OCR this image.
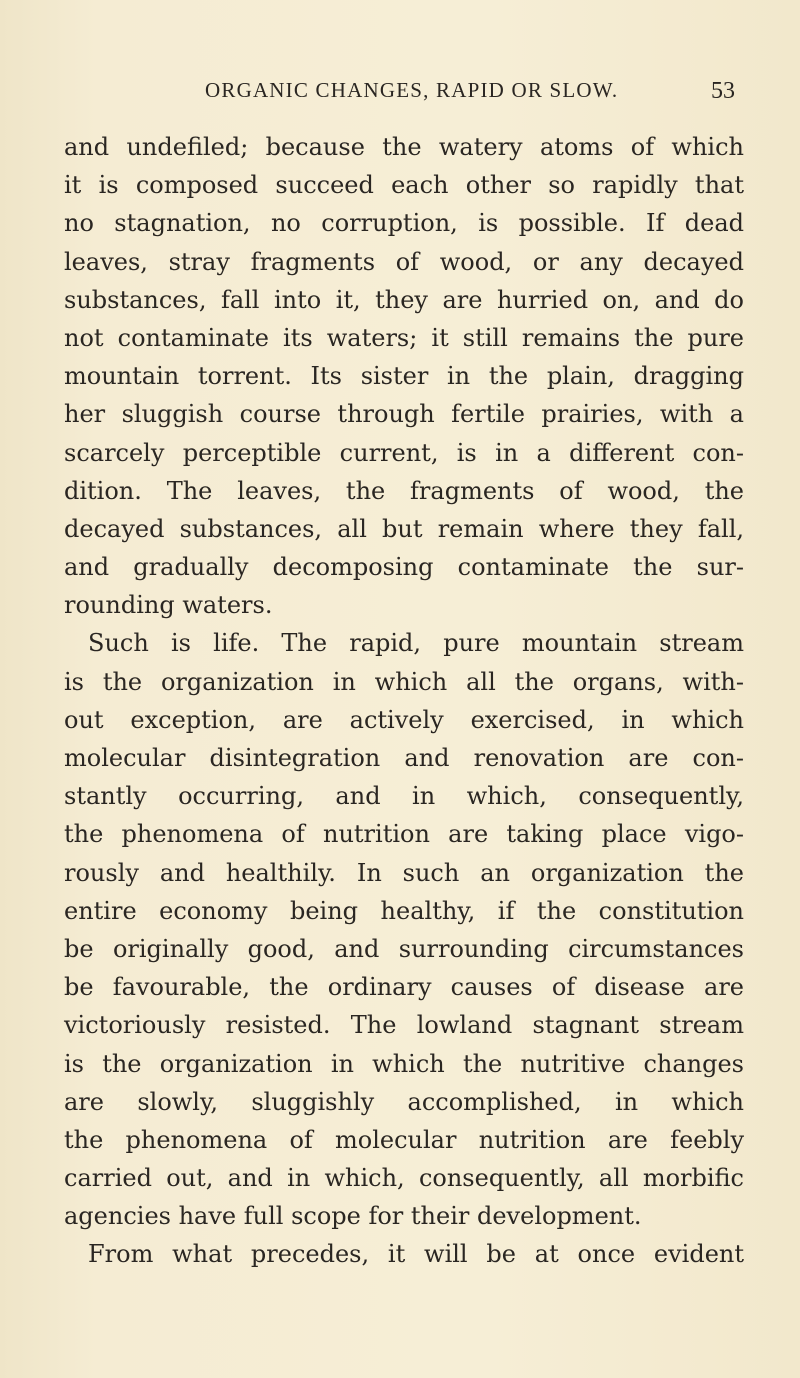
ORGANIC CHANGES, RAPID OR SLOW.	53
and undefiled; because the watery atoms of which
it is composed succeed each other so rapidly that
no stagnation, no corruption, is possible. If dead
leaves, stray fragments of wood, or any decayed
substances, fall into it, they are hurried on, and do
not contaminate its waters; it still remains the pure
mountain torrent. Its sister in the plain, dragging
her sluggish course through fertile prairies, with a
scarcely perceptible current, is in a different con-
dition. The leaves, the fragments of wood, the
decayed substances, all but remain where they fall,
and gradually decomposing contaminate the sur-
rounding waters.
Such is life. The rapid, pure mountain stream
is the organization in which all the organs, with-
out exception, are actively exercised, in which
molecular disintegration and renovation are con-
stantly occurring, and in which, consequently,
the phenomena of nutrition are taking place vigo-
rously and healthily. In such an organization the
entire economy being healthy, if the constitution
be originally good, and surrounding circumstances
be favourable, the ordinary causes of disease are
victoriously resisted. The lowland stagnant stream
is the organization in which the nutritive changes
are slowly, sluggishly accomplished, in which
the phenomena of molecular nutrition are feebly
carried out, and in which, consequently, all morbific
agencies have full scope for their development.
From what precedes, it will be at once evident
